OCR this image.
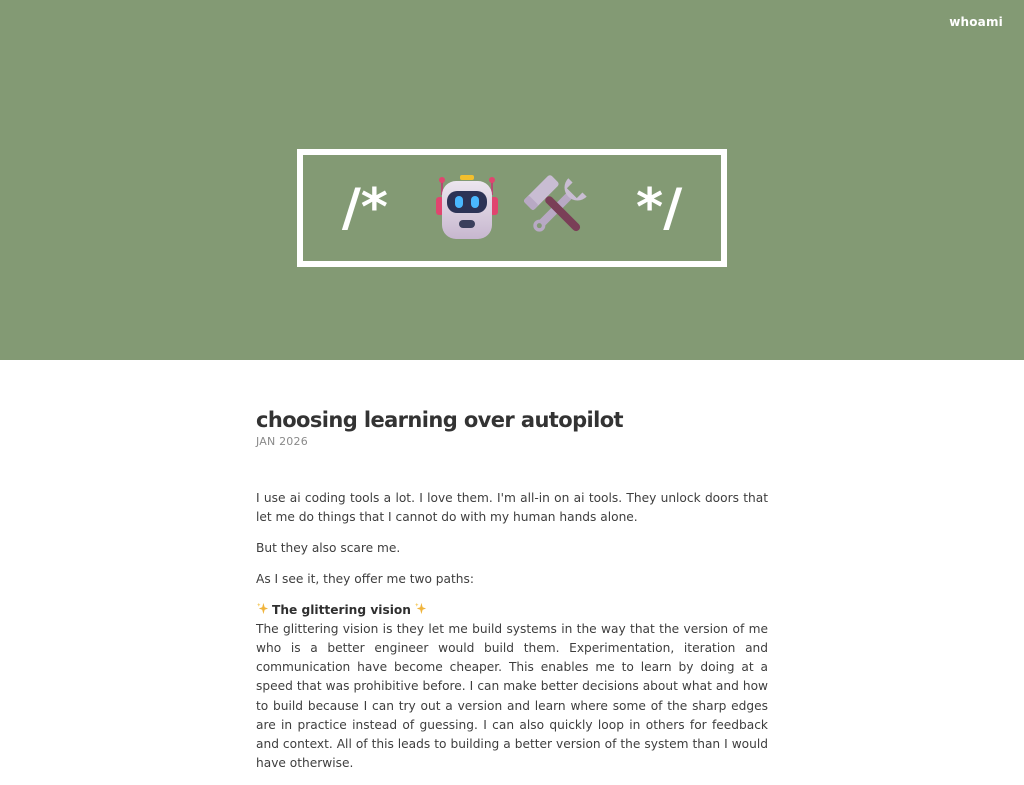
whoami
/*	*/
choosing learning over autopilot

JAN 2026

I use ai coding tools a lot. I love them. I'm all-in on ai tools. They unlock doors that let me do things that I cannot do with my human hands alone.

But they also scare me.

As I see it, they offer me two paths:

The glittering vision
The glittering vision is they let me build systems in the way that the version of me who is a better engineer would build them. Experimentation, iteration and communication have become cheaper. This enables me to learn by doing at a speed that was prohibitive before. I can make better decisions about what and how to build because I can try out a version and learn where some of the sharp edges are in practice instead of guessing. I can also quickly loop in others for feedback and context. All of this leads to building a better version of the system than I would have otherwise.
